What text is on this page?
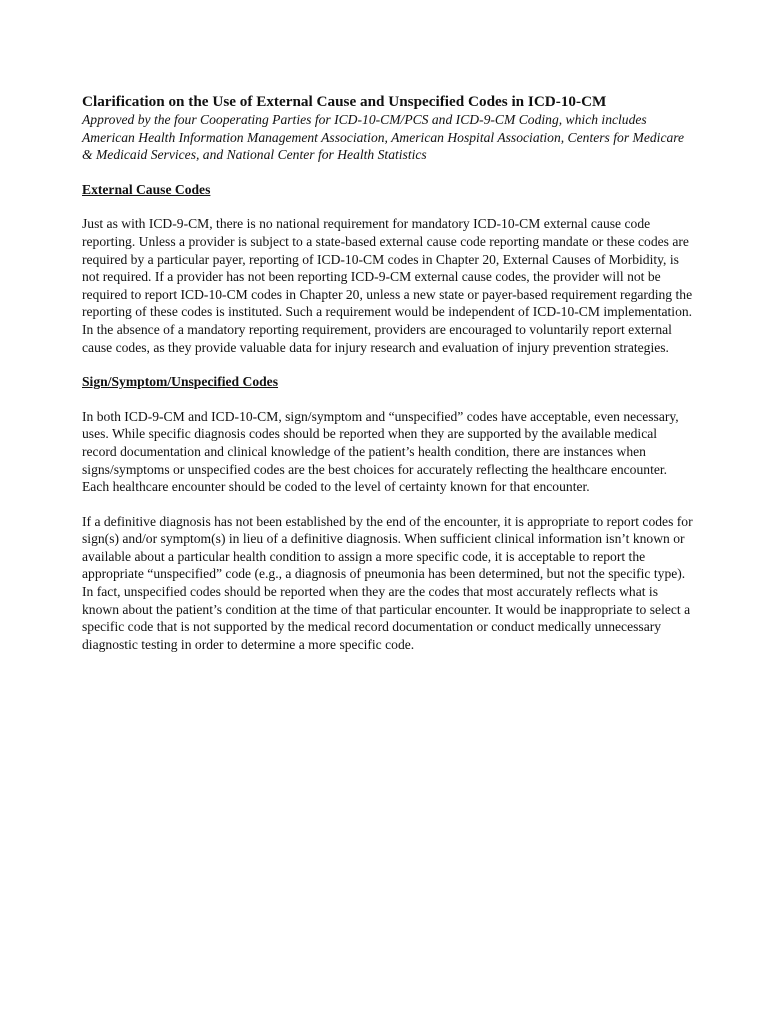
Clarification on the Use of External Cause and Unspecified Codes in ICD-10-CM

Approved by the four Cooperating Parties for ICD-10-CM/PCS and ICD-9-CM Coding, which includes American Health Information Management Association, American Hospital Association, Centers for Medicare & Medicaid Services, and National Center for Health Statistics

External Cause Codes

Just as with ICD-9-CM, there is no national requirement for mandatory ICD-10-CM external cause code reporting. Unless a provider is subject to a state-based external cause code reporting mandate or these codes are required by a particular payer, reporting of ICD-10-CM codes in Chapter 20, External Causes of Morbidity, is not required. If a provider has not been reporting ICD-9-CM external cause codes, the provider will not be required to report ICD-10-CM codes in Chapter 20, unless a new state or payer-based requirement regarding the reporting of these codes is instituted. Such a requirement would be independent of ICD-10-CM implementation. In the absence of a mandatory reporting requirement, providers are encouraged to voluntarily report external cause codes, as they provide valuable data for injury research and evaluation of injury prevention strategies.

Sign/Symptom/Unspecified Codes

In both ICD-9-CM and ICD-10-CM, sign/symptom and “unspecified” codes have acceptable, even necessary, uses. While specific diagnosis codes should be reported when they are supported by the available medical record documentation and clinical knowledge of the patient’s health condition, there are instances when signs/symptoms or unspecified codes are the best choices for accurately reflecting the healthcare encounter. Each healthcare encounter should be coded to the level of certainty known for that encounter.

If a definitive diagnosis has not been established by the end of the encounter, it is appropriate to report codes for sign(s) and/or symptom(s) in lieu of a definitive diagnosis. When sufficient clinical information isn’t known or available about a particular health condition to assign a more specific code, it is acceptable to report the appropriate “unspecified” code (e.g., a diagnosis of pneumonia has been determined, but not the specific type). In fact, unspecified codes should be reported when they are the codes that most accurately reflects what is known about the patient’s condition at the time of that particular encounter. It would be inappropriate to select a specific code that is not supported by the medical record documentation or conduct medically unnecessary diagnostic testing in order to determine a more specific code.
